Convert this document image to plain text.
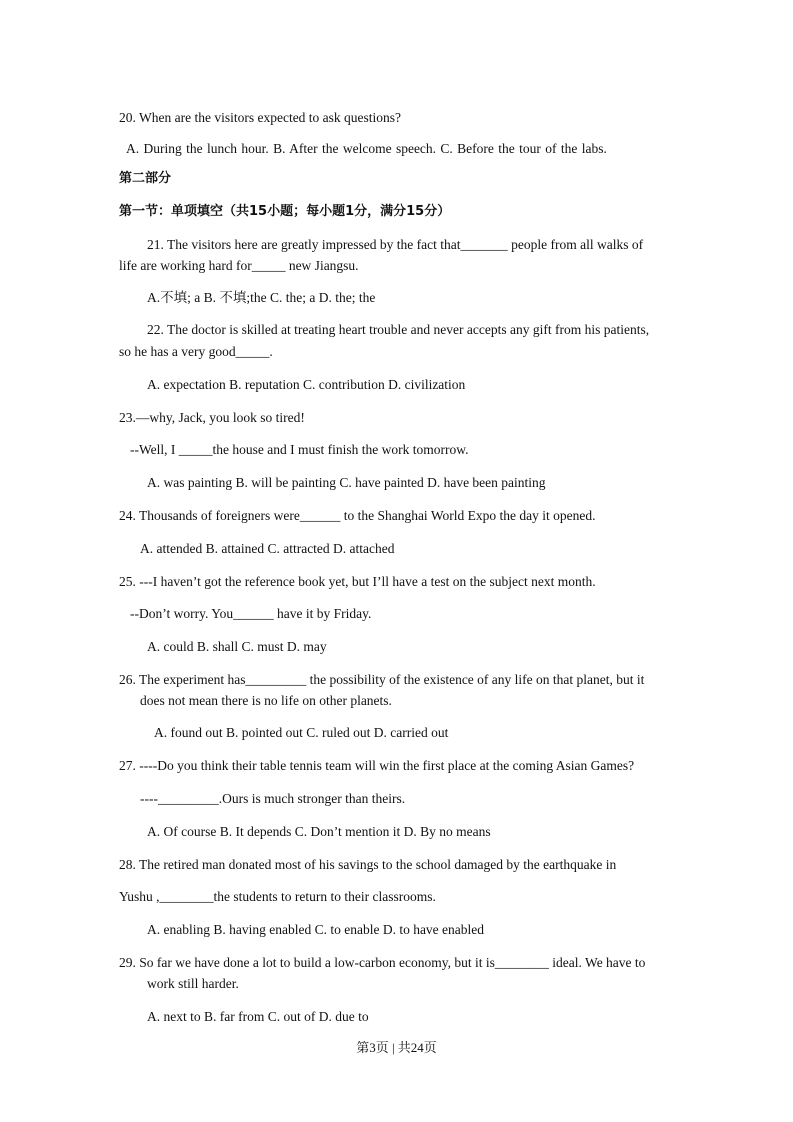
20. When are the visitors expected to ask questions?
A. During the lunch hour. B. After the welcome speech. C. Before the tour of the labs.
第二部分
第一节：单项填空（共15小题；每小题1分，满分15分）
21. The visitors here are greatly impressed by the fact that_______ people from all walks of
life are working hard for_____ new Jiangsu.
A.不填; a B. 不填;the C. the; a D. the; the
22. The doctor is skilled at treating heart trouble and never accepts any gift from his patients,
so he has a very good_____.
A. expectation B. reputation C. contribution D. civilization
23.—why, Jack, you look so tired!
--Well, I _____the house and I must finish the work tomorrow.
A. was painting B. will be painting C. have painted D. have been painting
24. Thousands of foreigners were______ to the Shanghai World Expo the day it opened.
A. attended B. attained C. attracted D. attached
25. ---I haven’t got the reference book yet, but I’ll have a test on the subject next month.
--Don’t worry. You______ have it by Friday.
A. could B. shall C. must D. may
26. The experiment has_________ the possibility of the existence of any life on that planet, but it
does not mean there is no life on other planets.
A. found out B. pointed out C. ruled out D. carried out
27. ----Do you think their table tennis team will win the first place at the coming Asian Games?
----_________.Ours is much stronger than theirs.
A. Of course B. It depends C. Don’t mention it D. By no means
28. The retired man donated most of his savings to the school damaged by the earthquake in
Yushu ,________the students to return to their classrooms.
A. enabling B. having enabled C. to enable D. to have enabled
29. So far we have done a lot to build a low-carbon economy, but it is________ ideal. We have to
work still harder.
A. next to B. far from C. out of D. due to
第3页 | 共24页
